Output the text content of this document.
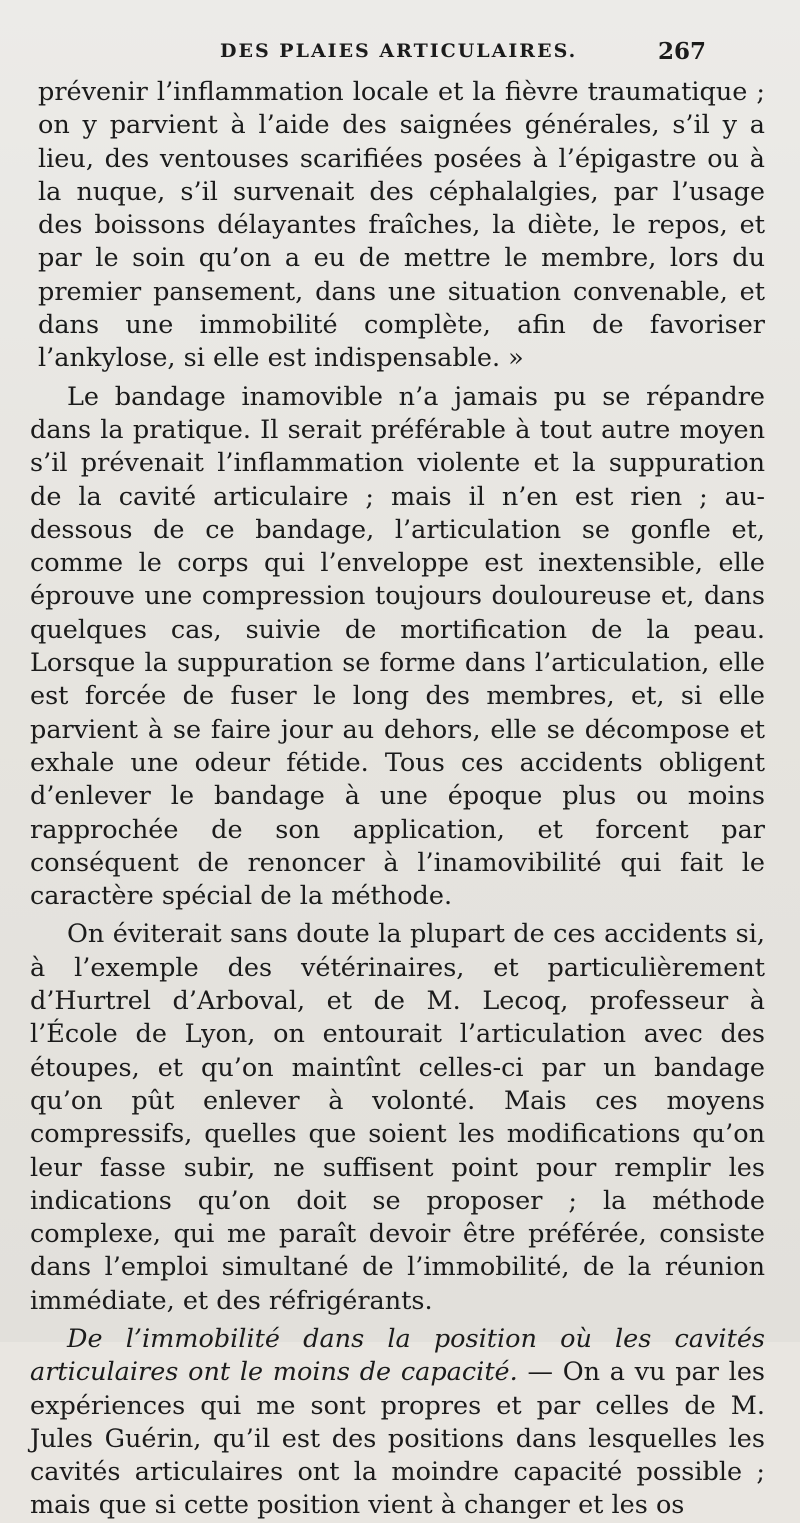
DES PLAIES ARTICULAIRES.	267

prévenir l’inflammation locale et la fièvre traumatique ; on y parvient à l’aide des saignées générales, s’il y a lieu, des ventouses scarifiées posées à l’épigastre ou à la nuque, s’il survenait des céphalalgies, par l’usage des boissons délayantes fraîches, la diète, le repos, et par le soin qu’on a eu de mettre le membre, lors du premier pansement, dans une situation convenable, et dans une immobilité complète, afin de favoriser l’ankylose, si elle est indispensable. »

Le bandage inamovible n’a jamais pu se répandre dans la pratique. Il serait préférable à tout autre moyen s’il prévenait l’inflammation violente et la suppuration de la cavité articulaire ; mais il n’en est rien ; au-dessous de ce bandage, l’articulation se gonfle et, comme le corps qui l’enveloppe est inextensible, elle éprouve une compression toujours douloureuse et, dans quelques cas, suivie de mortification de la peau. Lorsque la suppuration se forme dans l’articulation, elle est forcée de fuser le long des membres, et, si elle parvient à se faire jour au dehors, elle se décompose et exhale une odeur fétide. Tous ces accidents obligent d’enlever le bandage à une époque plus ou moins rapprochée de son application, et forcent par conséquent de renoncer à l’inamovibilité qui fait le caractère spécial de la méthode.

On éviterait sans doute la plupart de ces accidents si, à l’exemple des vétérinaires, et particulièrement d’Hurtrel d’Arboval, et de M. Lecoq, professeur à l’École de Lyon, on entourait l’articulation avec des étoupes, et qu’on maintînt celles-ci par un bandage qu’on pût enlever à volonté. Mais ces moyens compressifs, quelles que soient les modifications qu’on leur fasse subir, ne suffisent point pour remplir les indications qu’on doit se proposer ; la méthode complexe, qui me paraît devoir être préférée, consiste dans l’emploi simultané de l’immobilité, de la réunion immédiate, et des réfrigérants.

De l’immobilité dans la position où les cavités articulaires ont le moins de capacité. — On a vu par les expériences qui me sont propres et par celles de M. Jules Guérin, qu’il est des positions dans lesquelles les cavités articulaires ont la moindre capacité possible ; mais que si cette position vient à changer et les os
